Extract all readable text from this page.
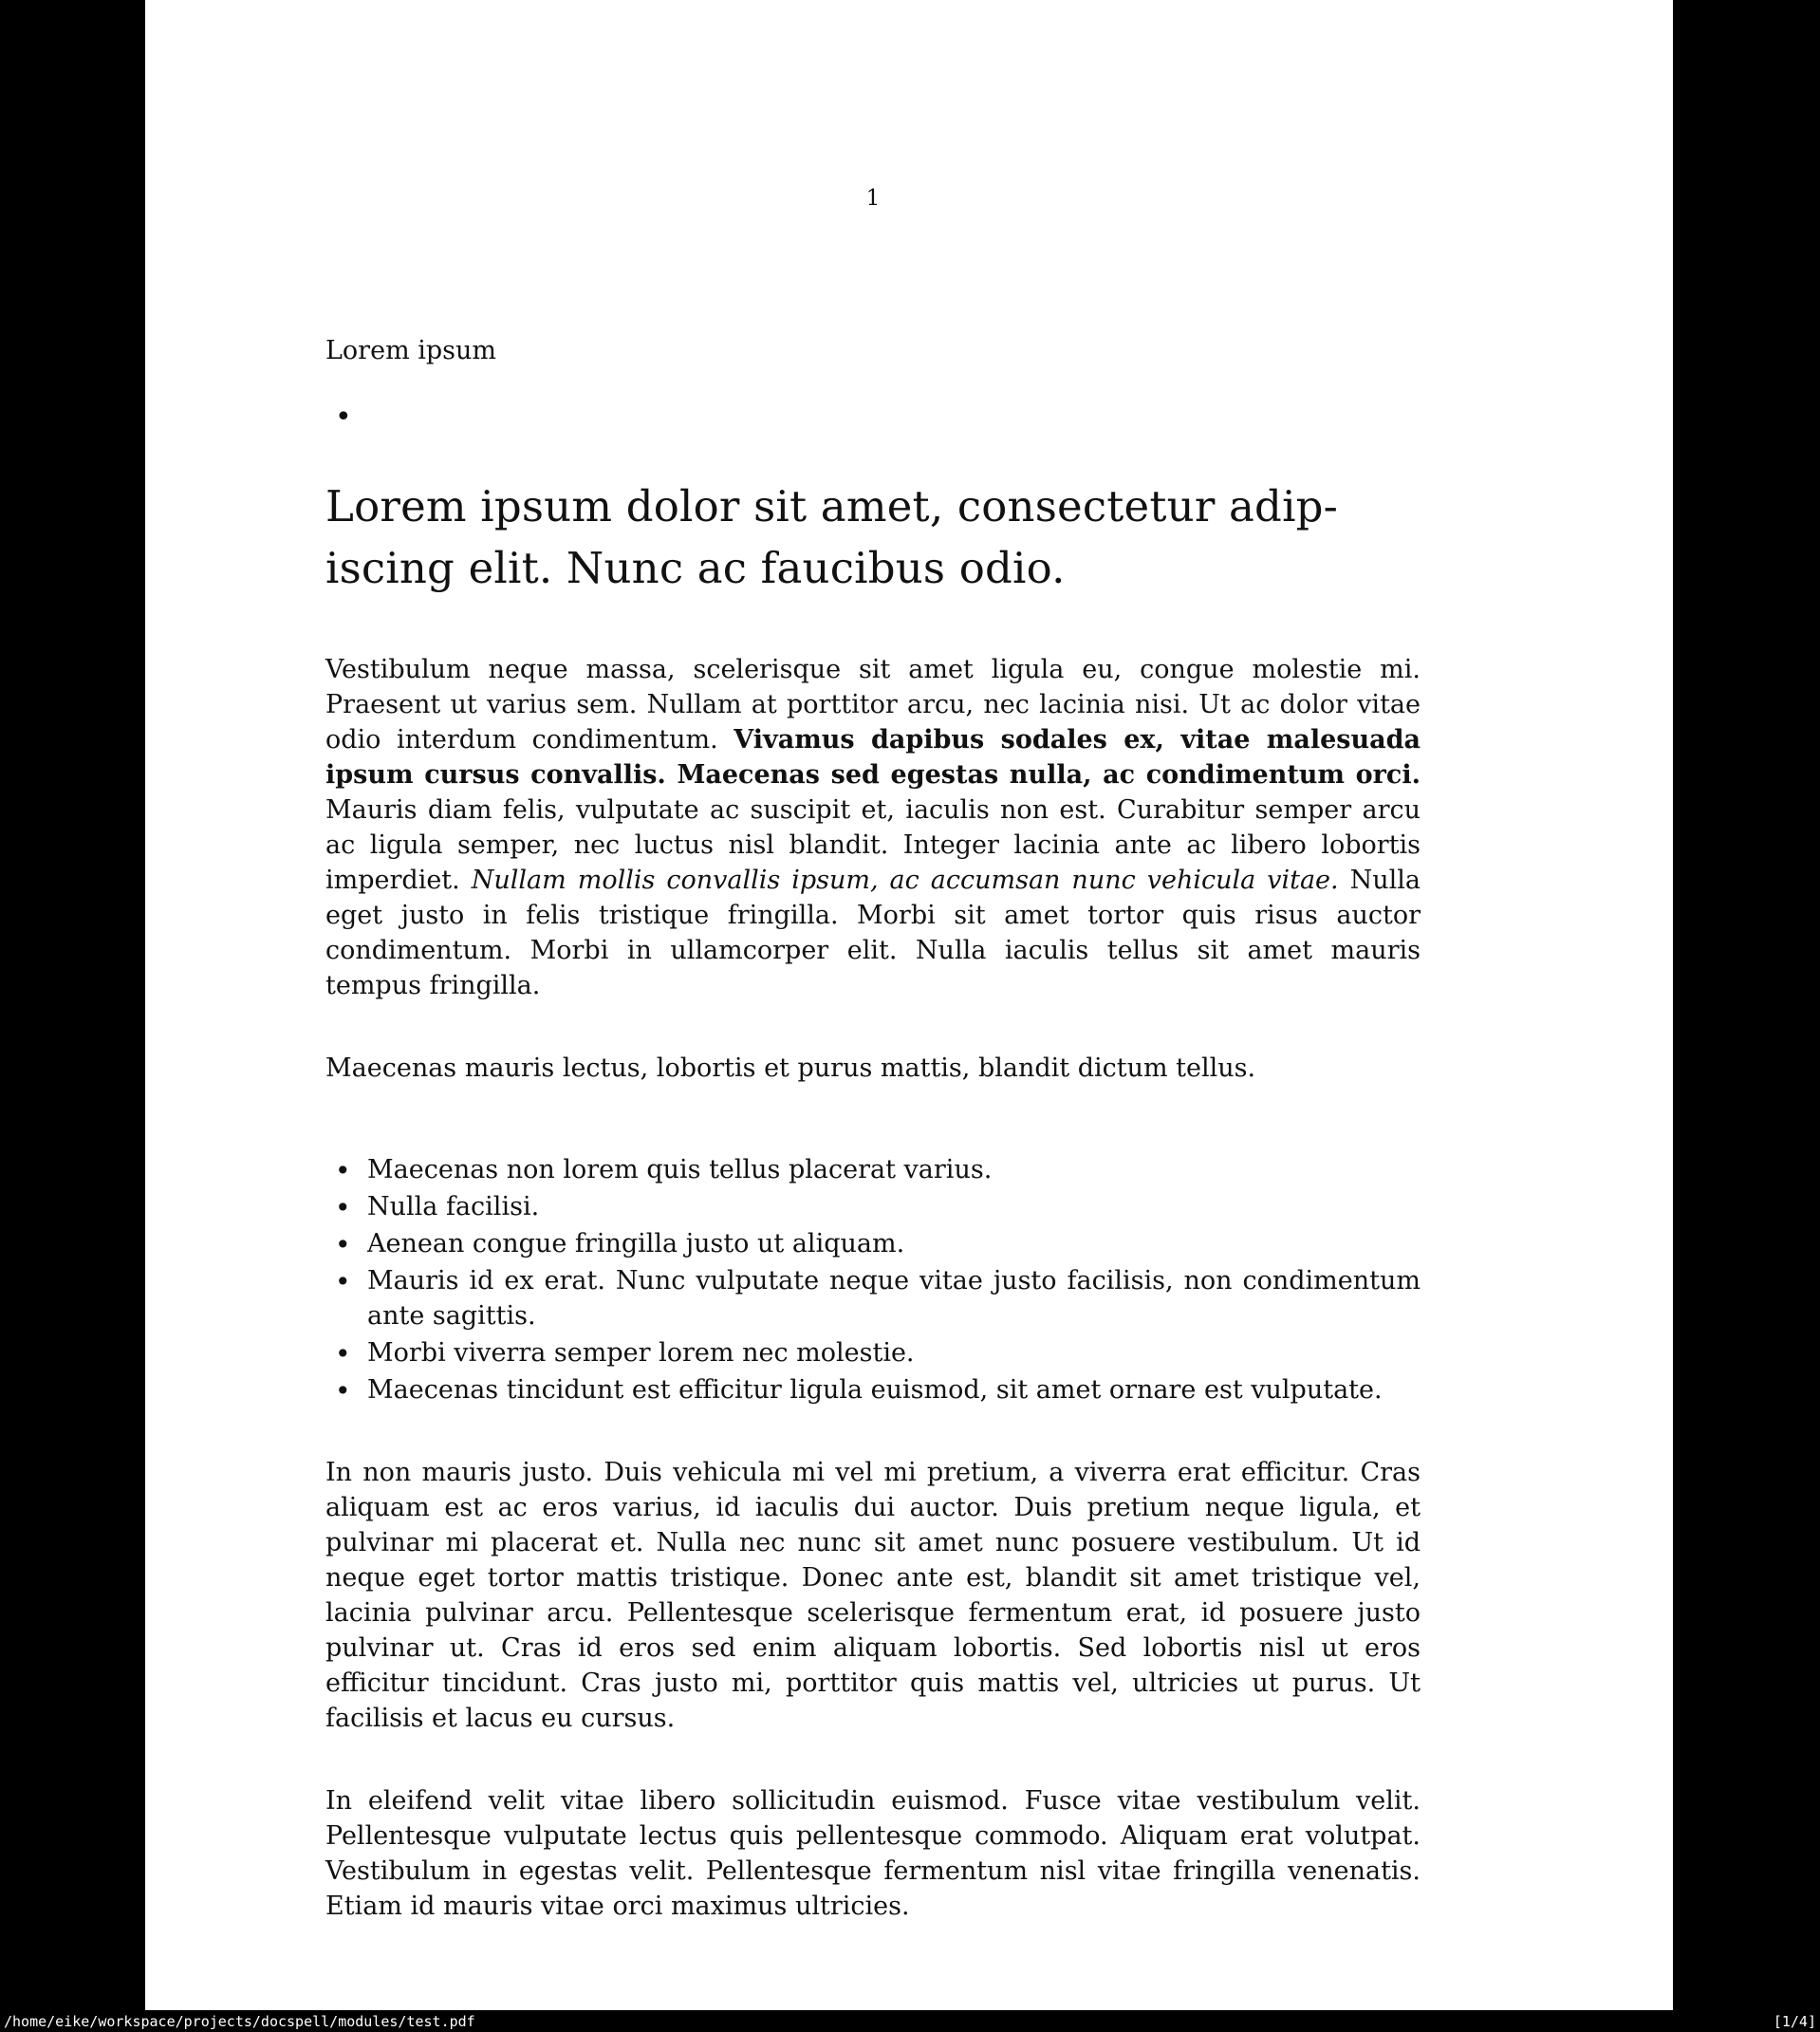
1

Lorem ipsum

•
Lorem ipsum dolor sit amet, consectetur adip-
iscing elit. Nunc ac faucibus odio.

Vestibulum neque massa, scelerisque sit amet ligula eu, congue molestie mi. Praesent ut varius sem. Nullam at porttitor arcu, nec lacinia nisi. Ut ac dolor vitae odio interdum condimentum. Vivamus dapibus sodales ex, vitae malesuada ipsum cursus convallis. Maecenas sed egestas nulla, ac condimentum orci. Mauris diam felis, vulputate ac suscipit et, iaculis non est. Curabitur semper arcu ac ligula semper, nec luctus nisl blandit. Integer lacinia ante ac libero lobortis imperdiet. Nullam mollis convallis ipsum, ac accumsan nunc vehicula vitae. Nulla eget justo in felis tristique fringilla. Morbi sit amet tortor quis risus auctor condimentum. Morbi in ullamcorper elit. Nulla iaculis tellus sit amet mauris tempus fringilla.

Maecenas mauris lectus, lobortis et purus mattis, blandit dictum tellus.

• Maecenas non lorem quis tellus placerat varius.
• Nulla facilisi.
• Aenean congue fringilla justo ut aliquam.
• Mauris id ex erat. Nunc vulputate neque vitae justo facilisis, non condimentum ante sagittis.
• Morbi viverra semper lorem nec molestie.
• Maecenas tincidunt est efficitur ligula euismod, sit amet ornare est vulputate.

In non mauris justo. Duis vehicula mi vel mi pretium, a viverra erat efficitur. Cras aliquam est ac eros varius, id iaculis dui auctor. Duis pretium neque ligula, et pulvinar mi placerat et. Nulla nec nunc sit amet nunc posuere vestibulum. Ut id neque eget tortor mattis tristique. Donec ante est, blandit sit amet tristique vel, lacinia pulvinar arcu. Pellentesque scelerisque fermentum erat, id posuere justo pulvinar ut. Cras id eros sed enim aliquam lobortis. Sed lobortis nisl ut eros efficitur tincidunt. Cras justo mi, porttitor quis mattis vel, ultricies ut purus. Ut facilisis et lacus eu cursus.

In eleifend velit vitae libero sollicitudin euismod. Fusce vitae vestibulum velit. Pellentesque vulputate lectus quis pellentesque commodo. Aliquam erat volutpat. Vestibulum in egestas velit. Pellentesque fermentum nisl vitae fringilla venenatis. Etiam id mauris vitae orci maximus ultricies.

/home/eike/workspace/projects/docspell/modules/test.pdf	[1/4]
